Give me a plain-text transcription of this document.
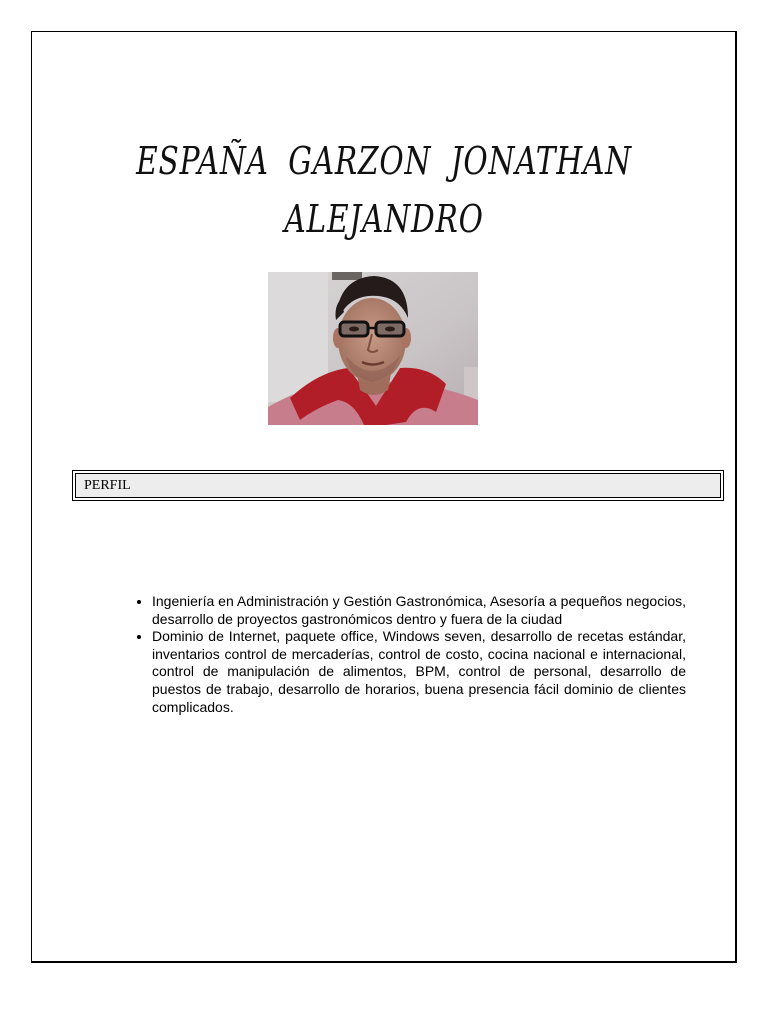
ESPAÑA GARZON JONATHAN
ALEJANDRO
PERFIL
• Ingeniería en Administración y Gestión Gastronómica, Asesoría a pequeños negocios, desarrollo de proyectos gastronómicos dentro y fuera de la ciudad
• Dominio de Internet, paquete office, Windows seven, desarrollo de recetas estándar, inventarios control de mercaderías, control de costo, cocina nacional e internacional, control de manipulación de alimentos, BPM, control de personal, desarrollo de puestos de trabajo, desarrollo de horarios, buena presencia fácil dominio de clientes complicados.
